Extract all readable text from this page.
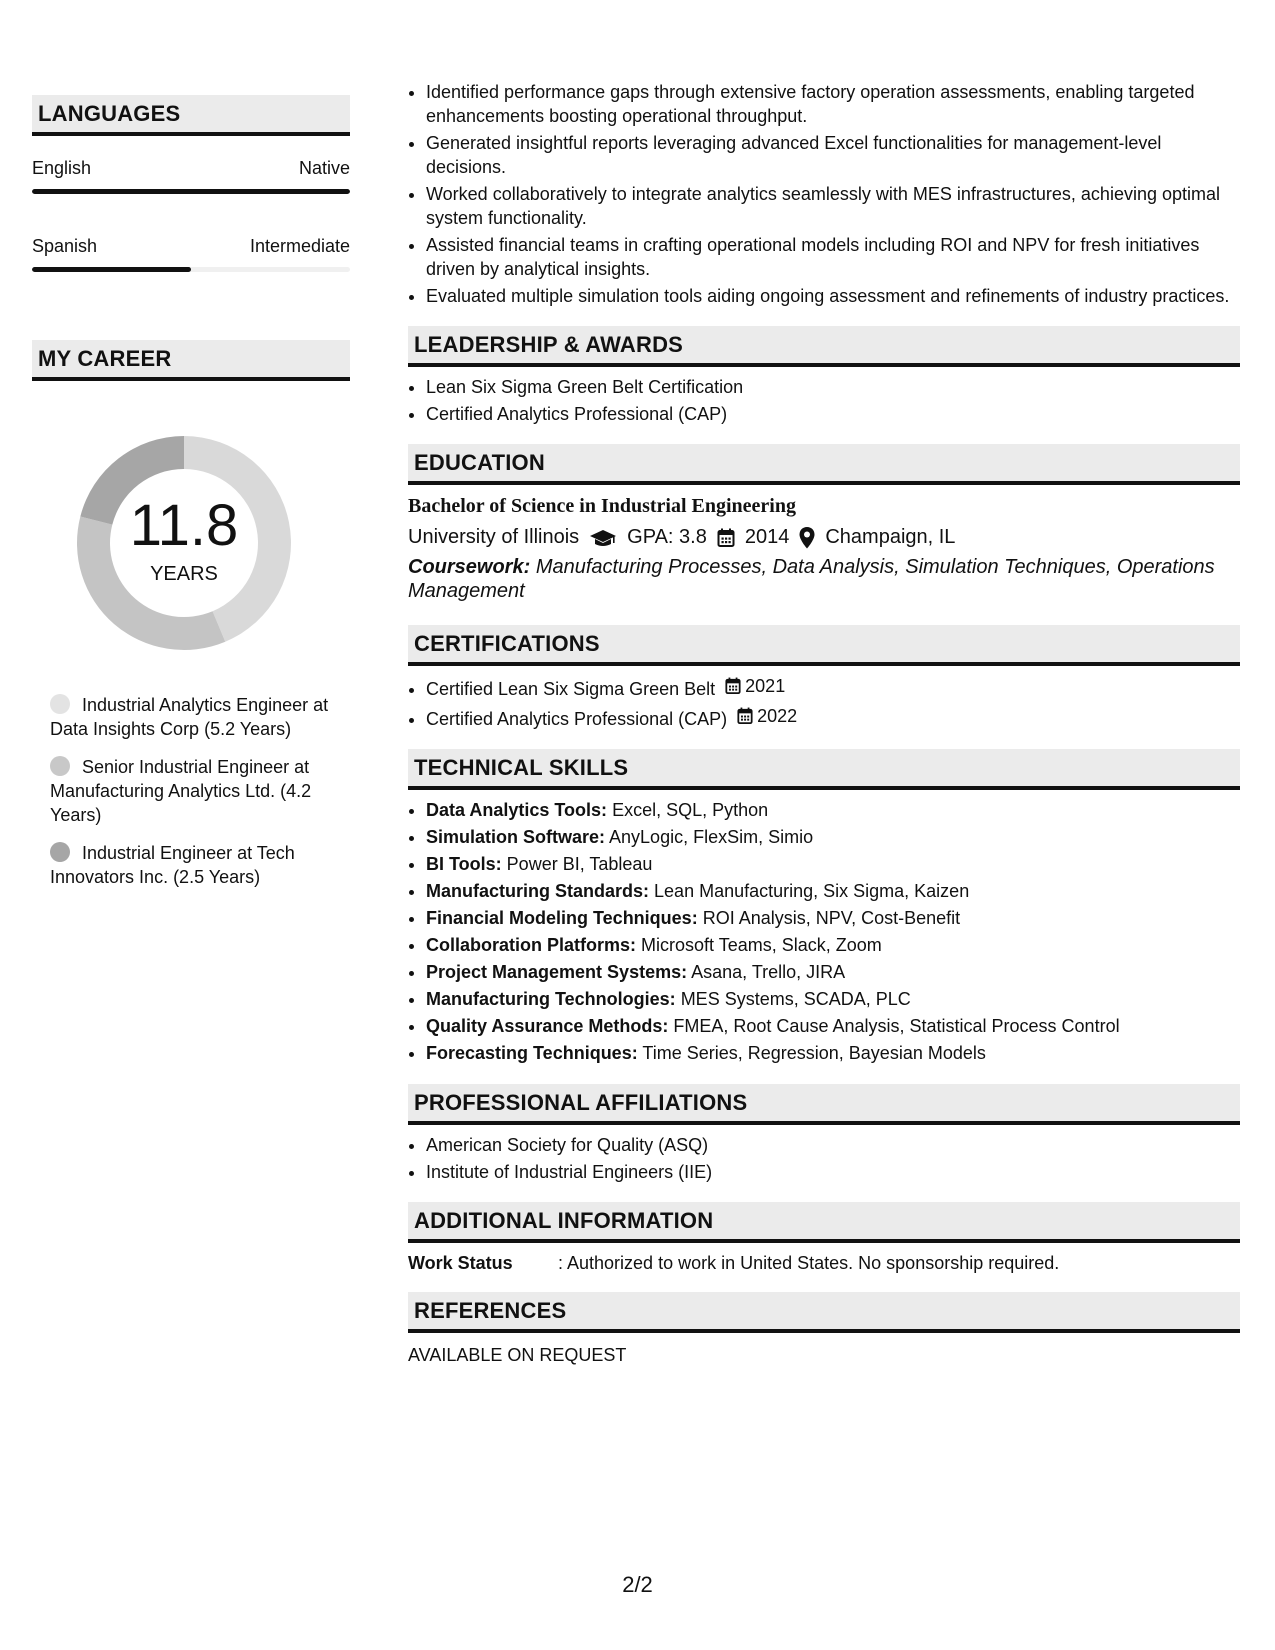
LANGUAGES
English	Native
Spanish	Intermediate
MY CAREER
11.8
YEARS
Industrial Analytics Engineer at Data Insights Corp (5.2 Years)
Senior Industrial Engineer at Manufacturing Analytics Ltd. (4.2 Years)
Industrial Engineer at Tech Innovators Inc. (2.5 Years)
• Identified performance gaps through extensive factory operation assessments, enabling targeted enhancements boosting operational throughput.
• Generated insightful reports leveraging advanced Excel functionalities for management-level decisions.
• Worked collaboratively to integrate analytics seamlessly with MES infrastructures, achieving optimal system functionality.
• Assisted financial teams in crafting operational models including ROI and NPV for fresh initiatives driven by analytical insights.
• Evaluated multiple simulation tools aiding ongoing assessment and refinements of industry practices.
LEADERSHIP & AWARDS
• Lean Six Sigma Green Belt Certification
• Certified Analytics Professional (CAP)
EDUCATION
Bachelor of Science in Industrial Engineering
University of Illinois GPA: 3.8 2014 Champaign, IL
Coursework: Manufacturing Processes, Data Analysis, Simulation Techniques, Operations Management
CERTIFICATIONS
• Certified Lean Six Sigma Green Belt 2021
• Certified Analytics Professional (CAP) 2022
TECHNICAL SKILLS
• Data Analytics Tools: Excel, SQL, Python
• Simulation Software: AnyLogic, FlexSim, Simio
• BI Tools: Power BI, Tableau
• Manufacturing Standards: Lean Manufacturing, Six Sigma, Kaizen
• Financial Modeling Techniques: ROI Analysis, NPV, Cost-Benefit
• Collaboration Platforms: Microsoft Teams, Slack, Zoom
• Project Management Systems: Asana, Trello, JIRA
• Manufacturing Technologies: MES Systems, SCADA, PLC
• Quality Assurance Methods: FMEA, Root Cause Analysis, Statistical Process Control
• Forecasting Techniques: Time Series, Regression, Bayesian Models
PROFESSIONAL AFFILIATIONS
• American Society for Quality (ASQ)
• Institute of Industrial Engineers (IIE)
ADDITIONAL INFORMATION
Work Status	: Authorized to work in United States. No sponsorship required.
REFERENCES
AVAILABLE ON REQUEST
2/2
